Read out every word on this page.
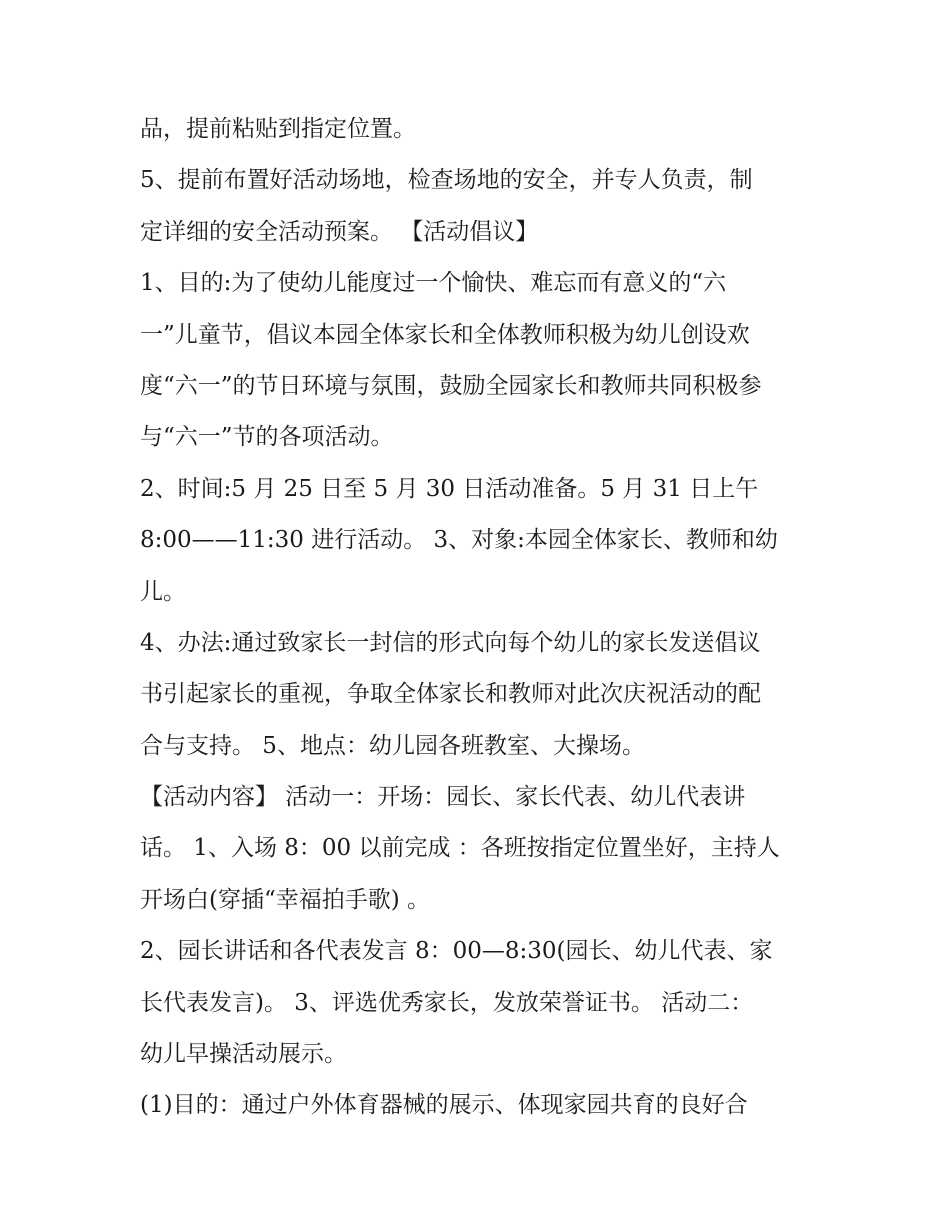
品，提前粘贴到指定位置。
5、提前布置好活动场地，检查场地的安全，并专人负责，制
定详细的安全活动预案。 【活动倡议】
1、目的:为了使幼儿能度过一个愉快、难忘而有意义的“六
一”儿童节，倡议本园全体家长和全体教师积极为幼儿创设欢
度“六一”的节日环境与氛围，鼓励全园家长和教师共同积极参
与“六一”节的各项活动。
2、时间:5 月 25 日至 5 月 30 日活动准备。5 月 31 日上午
8:00——11:30 进行活动。 3、对象:本园全体家长、教师和幼
儿。
4、办法:通过致家长一封信的形式向每个幼儿的家长发送倡议
书引起家长的重视，争取全体家长和教师对此次庆祝活动的配
合与支持。 5、地点：幼儿园各班教室、大操场。
【活动内容】 活动一：开场：园长、家长代表、幼儿代表讲
话。 1、入场 8：00 以前完成 ：各班按指定位置坐好，主持人
开场白(穿插“幸福拍手歌) 。
2、园长讲话和各代表发言 8：00—8:30(园长、幼儿代表、家
长代表发言)。 3、评选优秀家长，发放荣誉证书。 活动二：
幼儿早操活动展示。
(1)目的：通过户外体育器械的展示、体现家园共育的良好合
